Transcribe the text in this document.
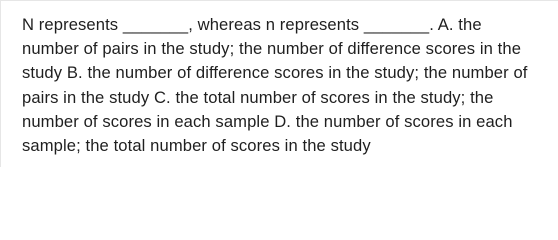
N represents _______, whereas n represents _______. A. the number of pairs in the study; the number of difference scores in the study B. the number of difference scores in the study; the number of pairs in the study C. the total number of scores in the study; the number of scores in each sample D. the number of scores in each sample; the total number of scores in the study
